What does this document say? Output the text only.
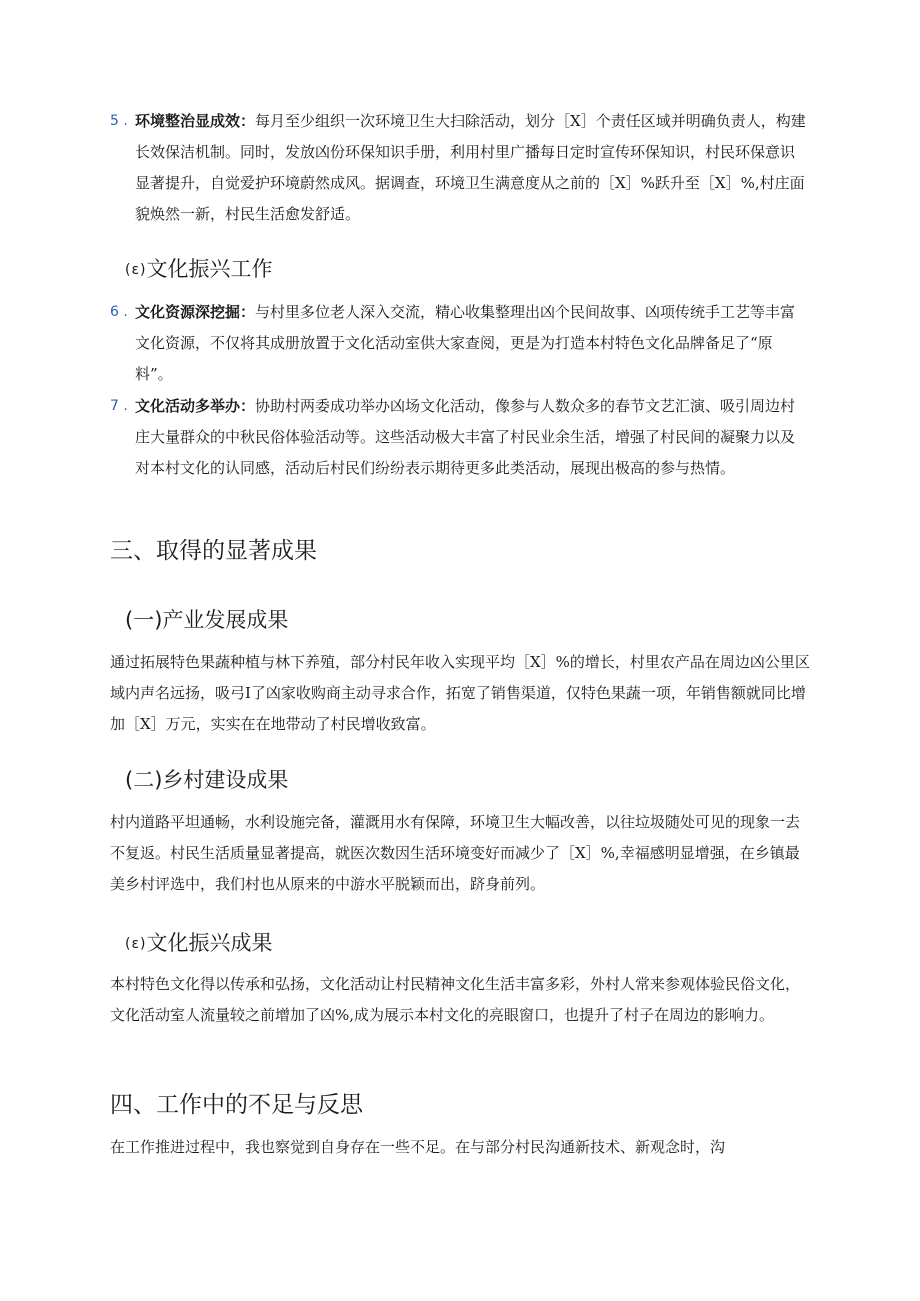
5 . 环境整治显成效：每月至少组织一次环境卫生大扫除活动，划分［X］个责任区域并明确负责人，构建长效保洁机制。同时，发放凶份环保知识手册，利用村里广播每日定时宣传环保知识，村民环保意识显著提升，自觉爱护环境蔚然成风。据调查，环境卫生满意度从之前的［X］%跃升至［X］%,村庄面貌焕然一新，村民生活愈发舒适。
(ɛ)文化振兴工作
6 . 文化资源深挖掘：与村里多位老人深入交流，精心收集整理出凶个民间故事、凶项传统手工艺等丰富文化资源，不仅将其成册放置于文化活动室供大家查阅，更是为打造本村特色文化品牌备足了“原料”。
7 . 文化活动多举办：协助村两委成功举办凶场文化活动，像参与人数众多的春节文艺汇演、吸引周边村庄大量群众的中秋民俗体验活动等。这些活动极大丰富了村民业余生活，增强了村民间的凝聚力以及对本村文化的认同感，活动后村民们纷纷表示期待更多此类活动，展现出极高的参与热情。
三、取得的显著成果
(一)产业发展成果
通过拓展特色果蔬种植与林下养殖，部分村民年收入实现平均［X］%的增长，村里农产品在周边凶公里区域内声名远扬，吸弓I了凶家收购商主动寻求合作，拓宽了销售渠道，仅特色果蔬一项，年销售额就同比增加［X］万元，实实在在地带动了村民增收致富。
(二)乡村建设成果
村内道路平坦通畅，水利设施完备，灌溉用水有保障，环境卫生大幅改善，以往垃圾随处可见的现象一去不复返。村民生活质量显著提高，就医次数因生活环境变好而减少了［X］%,幸福感明显增强，在乡镇最美乡村评选中，我们村也从原来的中游水平脱颖而出，跻身前列。
(ɛ)文化振兴成果
本村特色文化得以传承和弘扬，文化活动让村民精神文化生活丰富多彩，外村人常来参观体验民俗文化，文化活动室人流量较之前增加了凶%,成为展示本村文化的亮眼窗口，也提升了村子在周边的影响力。
四、工作中的不足与反思
在工作推进过程中，我也察觉到自身存在一些不足。在与部分村民沟通新技术、新观念时，沟
